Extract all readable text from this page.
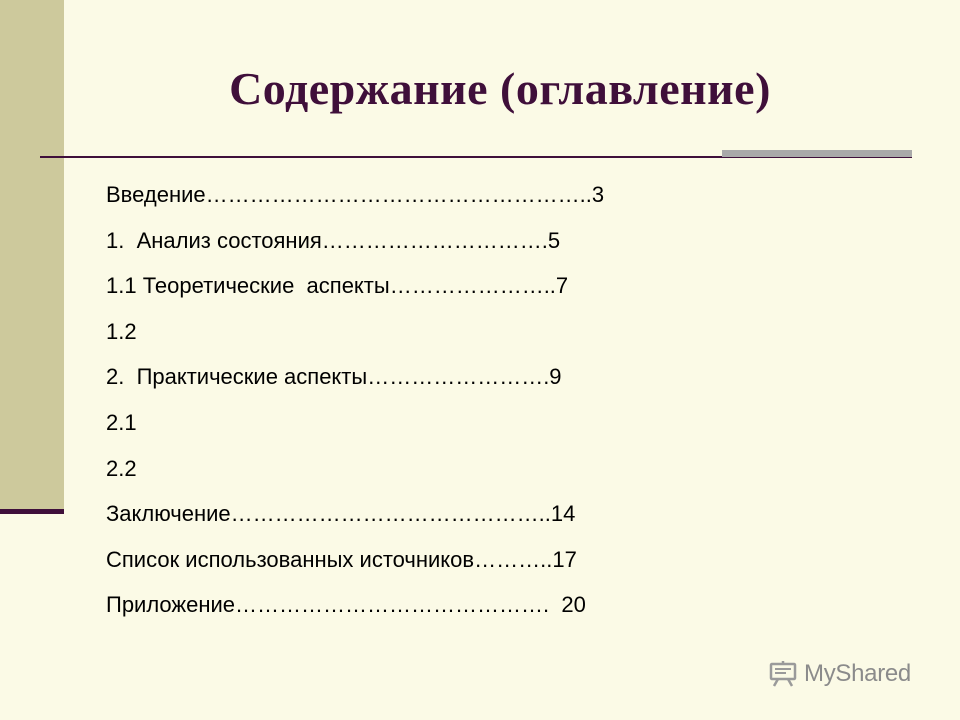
Содержание (оглавление)
Введение……………………………………………..3
1.  Анализ состояния………………………….5
1.1 Теоретические  аспекты…………………..7
1.2
2.  Практические аспекты…………………….9
2.1
2.2
Заключение……………………………………..14
Список использованных источников………..17
Приложение…………………………………….  20
MyShared
